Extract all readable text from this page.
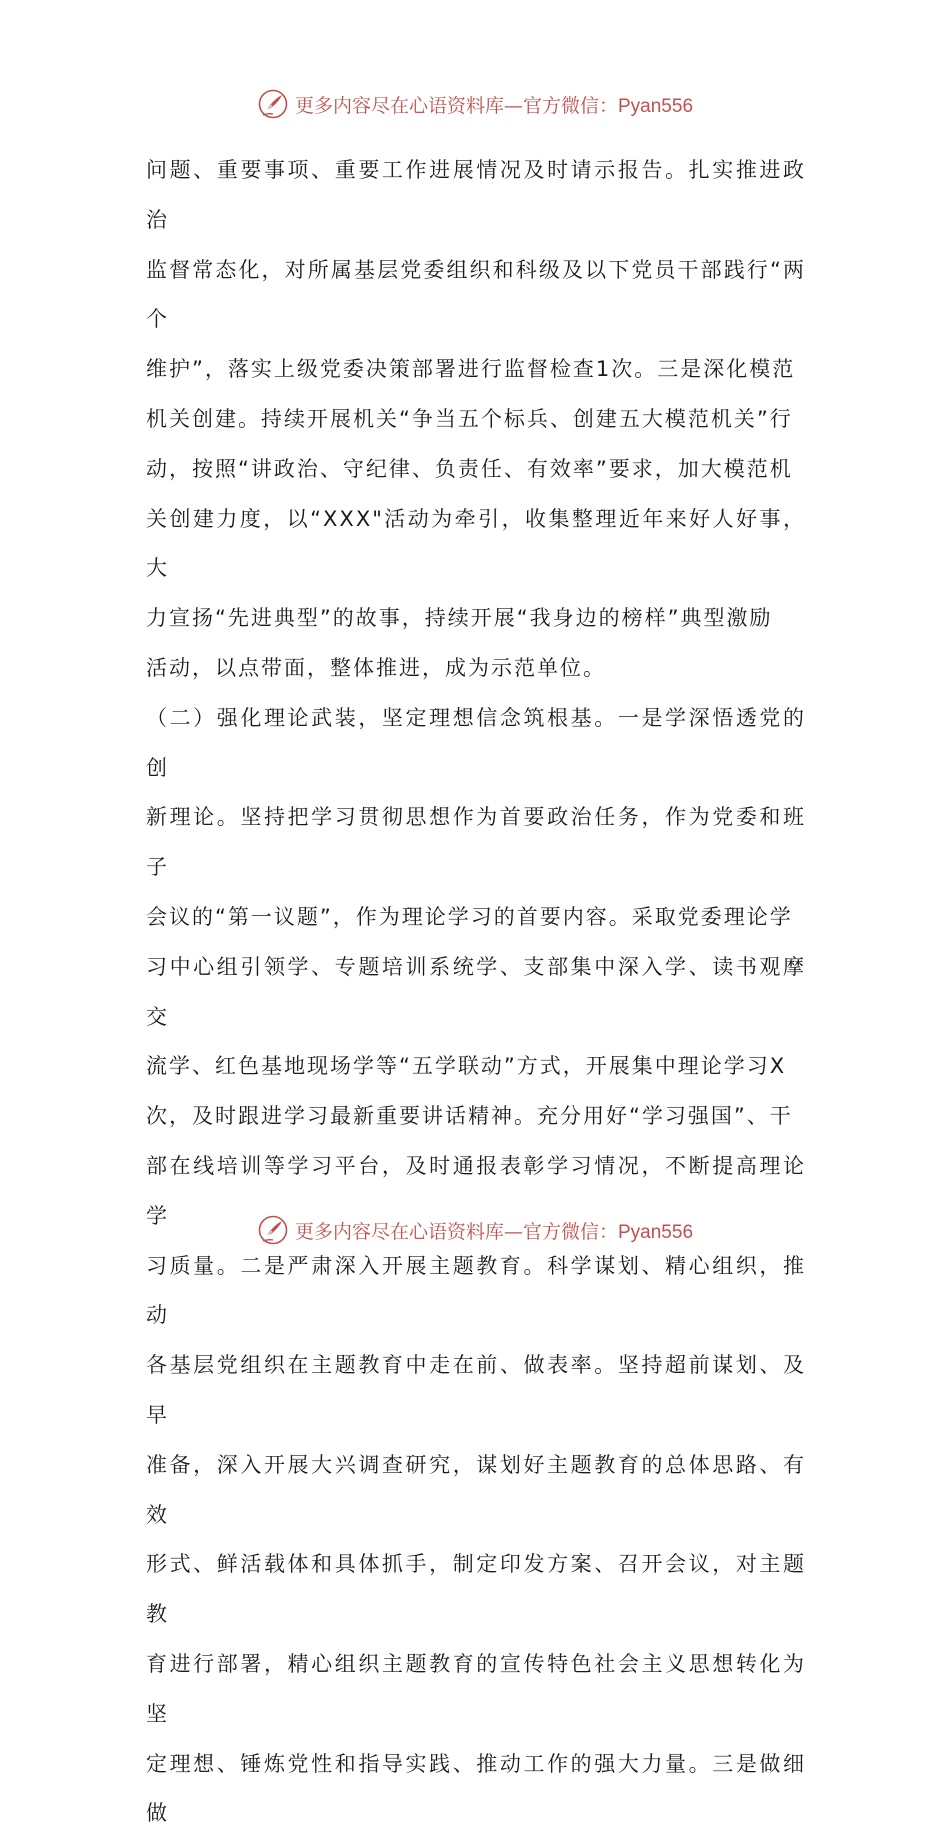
更多内容尽在心语资料库—官方微信：Pyan556

问题、重要事项、重要工作进展情况及时请示报告。扎实推进政治
监督常态化，对所属基层党委组织和科级及以下党员干部践行“两个
维护”，落实上级党委决策部署进行监督检查1次。三是深化模范
机关创建。持续开展机关“争当五个标兵、创建五大模范机关”行
动，按照“讲政治、守纪律、负责任、有效率”要求，加大模范机
关创建力度，以“XXX"活动为牵引，收集整理近年来好人好事，大
力宣扬“先进典型”的故事，持续开展“我身边的榜样”典型激励
活动，以点带面，整体推进，成为示范单位。

（二）强化理论武装，坚定理想信念筑根基。一是学深悟透党的创
新理论。坚持把学习贯彻思想作为首要政治任务，作为党委和班子
会议的“第一议题”，作为理论学习的首要内容。采取党委理论学
习中心组引领学、专题培训系统学、支部集中深入学、读书观摩交
流学、红色基地现场学等“五学联动”方式，开展集中理论学习X
次，及时跟进学习最新重要讲话精神。充分用好“学习强国”、干
部在线培训等学习平台，及时通报表彰学习情况，不断提高理论学
习质量。二是严肃深入开展主题教育。科学谋划、精心组织，推动
各基层党组织在主题教育中走在前、做表率。坚持超前谋划、及早
准备，深入开展大兴调查研究，谋划好主题教育的总体思路、有效
形式、鲜活载体和具体抓手，制定印发方案、召开会议，对主题教
育进行部署，精心组织主题教育的宣传特色社会主义思想转化为坚
定理想、锤炼党性和指导实践、推动工作的强大力量。三是做细做

更多内容尽在心语资料库—官方微信：Pyan556
